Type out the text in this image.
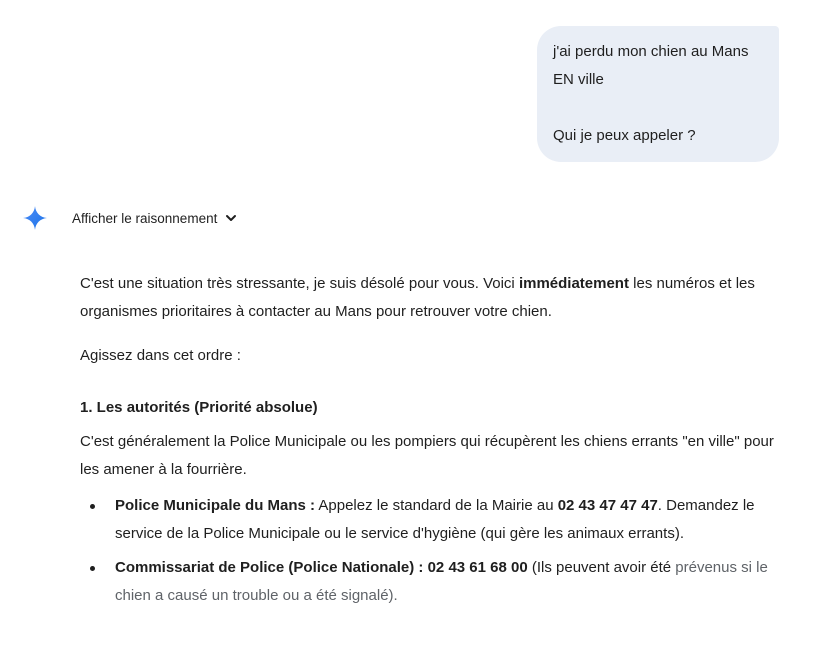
j'ai perdu mon chien au Mans

EN ville

Qui je peux appeler ?

Afficher le raisonnement

C'est une situation très stressante, je suis désolé pour vous. Voici immédiatement les numéros et les organismes prioritaires à contacter au Mans pour retrouver votre chien.

Agissez dans cet ordre :

1. Les autorités (Priorité absolue)

C'est généralement la Police Municipale ou les pompiers qui récupèrent les chiens errants "en ville" pour les amener à la fourrière.

Police Municipale du Mans : Appelez le standard de la Mairie au 02 43 47 47 47. Demandez le service de la Police Municipale ou le service d'hygiène (qui gère les animaux errants).
Commissariat de Police (Police Nationale) : 02 43 61 68 00 (Ils peuvent avoir été prévenus si le chien a causé un trouble ou a été signalé).
